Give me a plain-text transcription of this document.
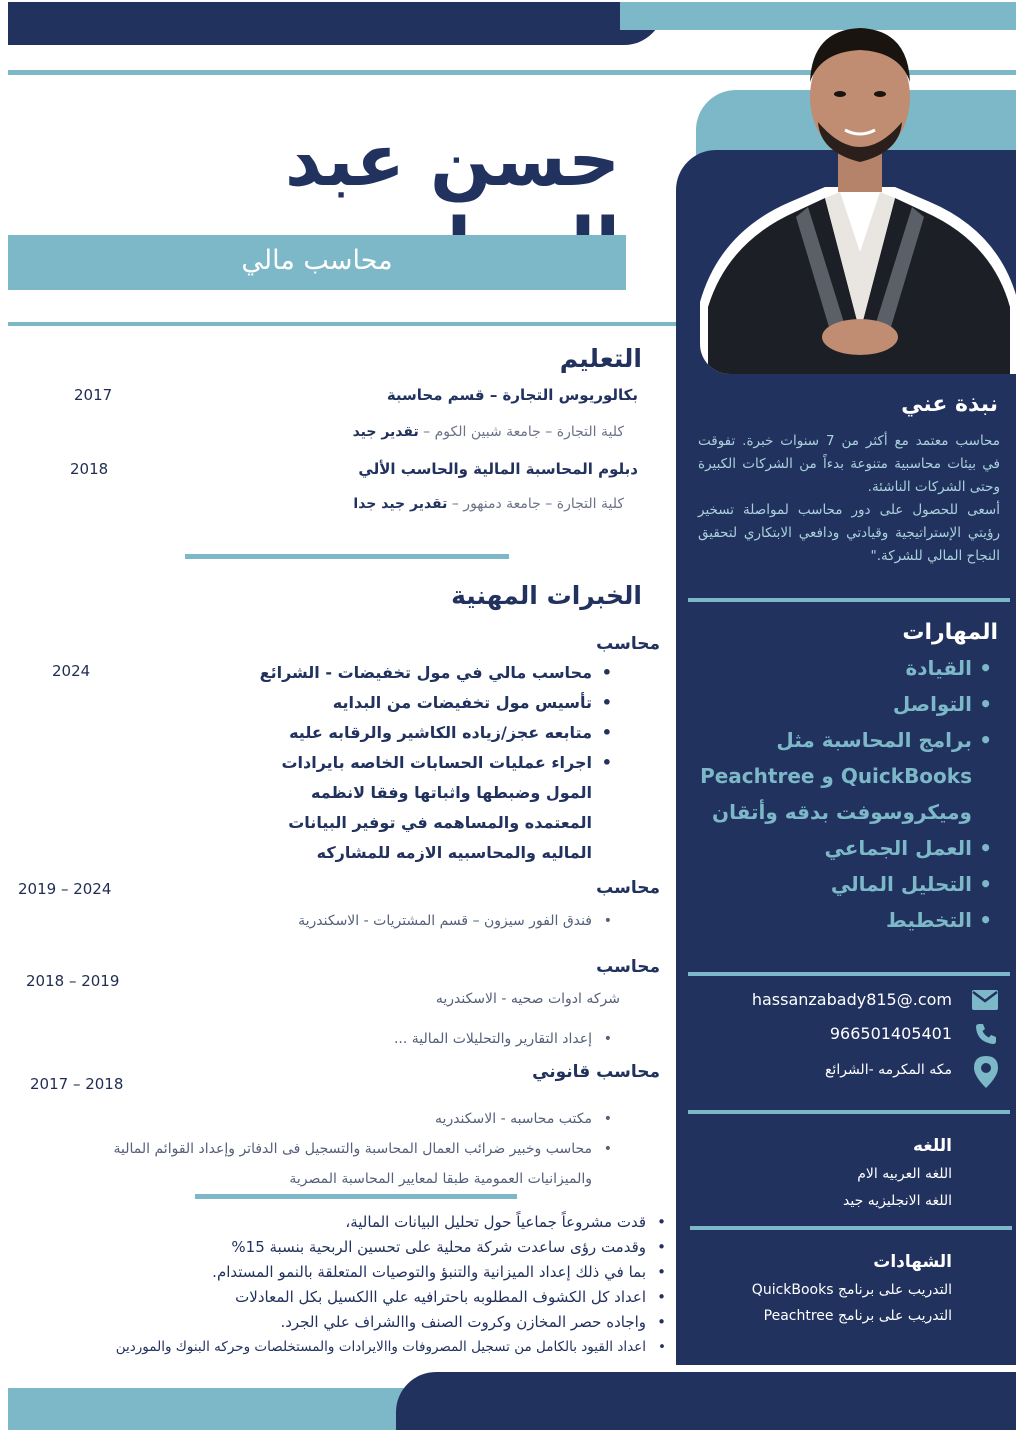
حسن عبد
محاسب مالي
التعليم
بكالوريوس التجارة – قسم محاسبة
2017
كلية التجارة – جامعة شبين الكوم – تقدير جيد
دبلوم المحاسبة المالية والحاسب الألي
2018
كلية التجارة – جامعة دمنهور – تقدير جيد جدا
الخبرات المهنية
محاسب
2024
•	محاسب مالي في مول تخفيضات - الشرائع
• تأسيس مول تخفيضات من البدايه
• متابعه عجز/زياده الكاشير والرقابه عليه
• اجراء عمليات الحسابات الخاصه بايرادات المول وضبطها واثباتها وفقا لانظمه المعتمده والمساهمه في توفير البيانات الماليه والمحاسبيه الازمه للمشاركه
محاسب
2019 – 2024
• فندق الفور سيزون – قسم المشتريات - الاسكندرية
محاسب
2018 – 2019
شركه ادوات صحيه - الاسكندريه
• إعداد التقارير والتحليلات المالية ...
محاسب قانوني
2017 – 2018
• مكتب محاسبه - الاسكندريه
• محاسب وخبير ضرائب العمال المحاسبة والتسجيل فى الدفاتر وإعداد القوائم المالية والميزانيات العمومية طبقا لمعايير المحاسبة المصرية
• قدت مشروعاً جماعياً حول تحليل البيانات المالية،
• وقدمت رؤى ساعدت شركة محلية على تحسين الربحية بنسبة 15%
• بما في ذلك إعداد الميزانية والتنبؤ والتوصيات المتعلقة بالنمو المستدام.
• اعداد كل الكشوف المطلوبه باحترافيه علي االكسيل بكل المعادلات
• واجاده حصر المخازن وكروت الصنف واالشراف علي الجرد.
• اعداد القيود بالكامل من تسجيل المصروفات واالايرادات والمستخلصات وحركه البنوك والموردين
نبذة عني
محاسب معتمد مع أكثر من 7 سنوات خبرة. تفوقت في بيئات محاسبية متنوعة بدءاً من الشركات الكبيرة وحتى الشركات الناشئة.
أسعى للحصول على دور محاسب لمواصلة تسخير رؤيتي الإستراتيجية وقيادتي ودافعي الابتكاري لتحقيق النجاح المالي للشركة."
المهارات
• القيادة
• التواصل
• برامج المحاسبة مثل QuickBooks و Peachtree وميكروسوفت بدقه وأتقان
• العمل الجماعي
• التحليل المالي
• التخطيط
hassanzabady815@.com
966501405401
مكه المكرمه -الشرائع
اللغه
اللغه العربيه الام
اللغه الانجليزيه جيد
الشهادات
التدريب على برنامج QuickBooks
التدريب على برنامج Peachtree
